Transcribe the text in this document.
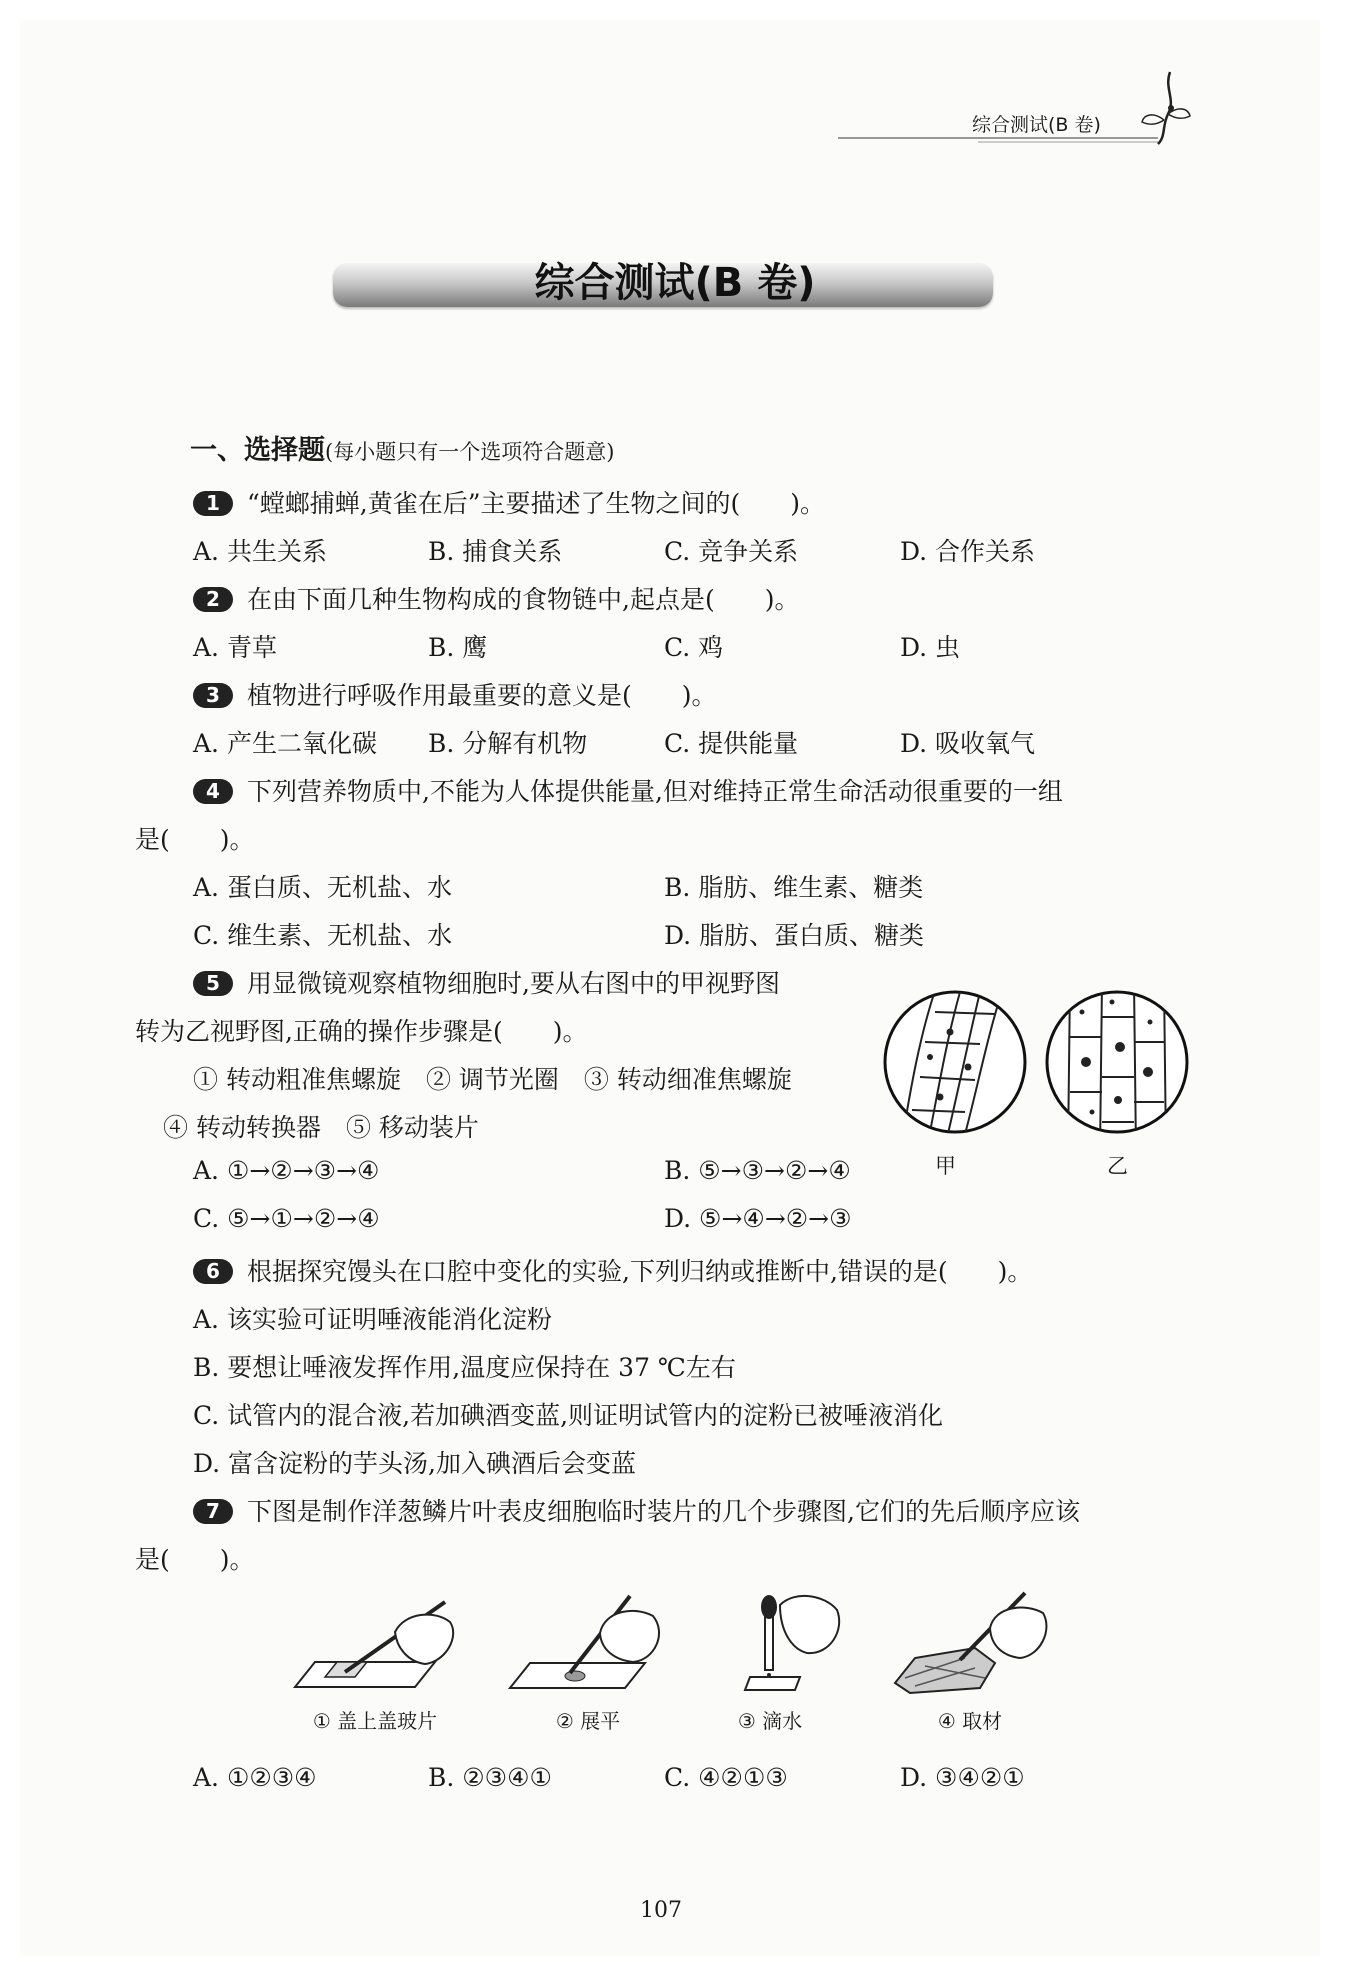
综合测试(B 卷)
综合测试(B 卷)
一、选择题(每小题只有一个选项符合题意)
1 “螳螂捕蝉,黄雀在后”主要描述了生物之间的(　　)。
A. 共生关系	B. 捕食关系	C. 竞争关系	D. 合作关系
2 在由下面几种生物构成的食物链中,起点是(　　)。
A. 青草	B. 鹰	C. 鸡	D. 虫
3 植物进行呼吸作用最重要的意义是(　　)。
A. 产生二氧化碳 B. 分解有机物	C. 提供能量	D. 吸收氧气
4 下列营养物质中,不能为人体提供能量,但对维持正常生命活动很重要的一组
是(　　)。
A. 蛋白质、无机盐、水	B. 脂肪、维生素、糖类
C. 维生素、无机盐、水	D. 脂肪、蛋白质、糖类
5 用显微镜观察植物细胞时,要从右图中的甲视野图
转为乙视野图,正确的操作步骤是(　　)。
① 转动粗准焦螺旋　② 调节光圈　③ 转动细准焦螺旋
④ 转动转换器　⑤ 移动装片
A. ①→②→③→④	B. ⑤→③→②→④
C. ⑤→①→②→④	D. ⑤→④→②→③
甲	乙
6 根据探究馒头在口腔中变化的实验,下列归纳或推断中,错误的是(　　)。
A. 该实验可证明唾液能消化淀粉
B. 要想让唾液发挥作用,温度应保持在 37 ℃左右
C. 试管内的混合液,若加碘酒变蓝,则证明试管内的淀粉已被唾液消化
D. 富含淀粉的芋头汤,加入碘酒后会变蓝
7 下图是制作洋葱鳞片叶表皮细胞临时装片的几个步骤图,它们的先后顺序应该
是(　　)。
① 盖上盖玻片	② 展平	③ 滴水	④ 取材
A. ①②③④	B. ②③④①	C. ④②①③	D. ③④②①
107
